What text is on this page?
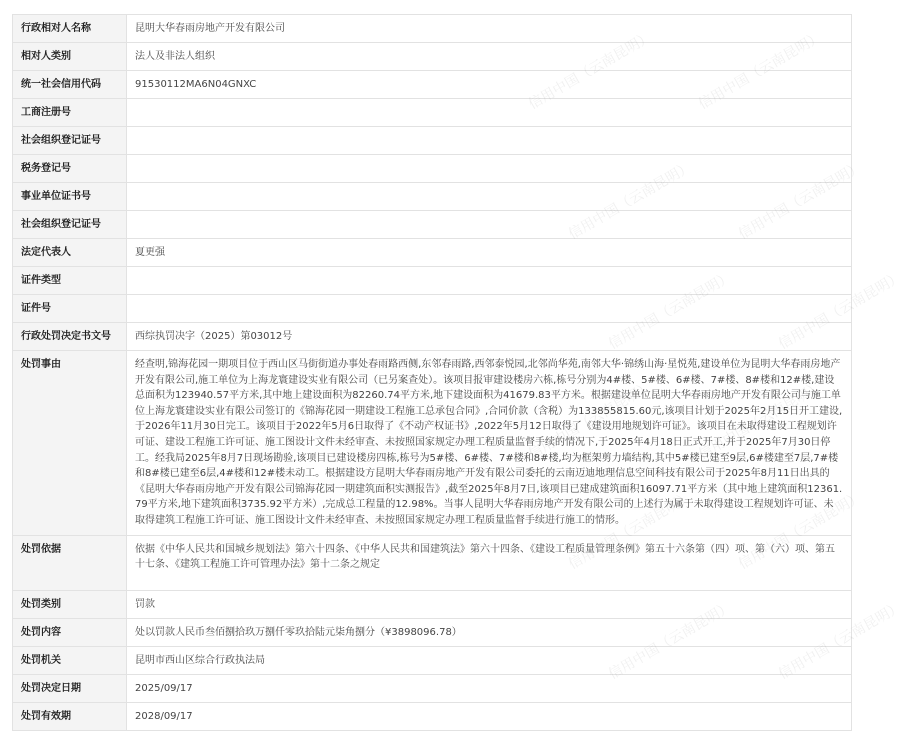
行政相对人名称	昆明大华春雨房地产开发有限公司
相对人类别	法人及非法人组织
统一社会信用代码	91530112MA6N04GNXC
工商注册号	
社会组织登记证号	
税务登记号	
事业单位证书号	
社会组织登记证号	
法定代表人	夏更强
证件类型	
证件号	
行政处罚决定书文号	西综执罚决字（2025）第03012号
处罚事由	经查明,锦海花园一期项目位于西山区马街街道办事处春雨路西侧,东邻春雨路,西邻泰悦园,北邻尚华苑,南邻大华·锦绣山海·星悦苑,建设单位为昆明大华春雨房地产开发有限公司,施工单位为上海龙寰建设实业有限公司（已另案查处）。该项目报审建设楼房六栋,栋号分别为4#楼、5#楼、6#楼、7#楼、8#楼和12#楼,建设总面积为123940.57平方米,其中地上建设面积为82260.74平方米,地下建设面积为41679.83平方米。根据建设单位昆明大华春雨房地产开发有限公司与施工单位上海龙寰建设实业有限公司签订的《锦海花园一期建设工程施工总承包合同》,合同价款（含税）为133855815.60元,该项目计划于2025年2月15日开工建设,于2026年11月30日完工。该项目于2022年5月6日取得了《不动产权证书》,2022年5月12日取得了《建设用地规划许可证》。该项目在未取得建设工程规划许可证、建设工程施工许可证、施工图设计文件未经审查、未按照国家规定办理工程质量监督手续的情况下,于2025年4月18日正式开工,并于2025年7月30日停工。经我局2025年8月7日现场勘验,该项目已建设楼房四栋,栋号为5#楼、6#楼、7#楼和8#楼,均为框架剪力墙结构,其中5#楼已建至9层,6#楼建至7层,7#楼和8#楼已建至6层,4#楼和12#楼未动工。根据建设方昆明大华春雨房地产开发有限公司委托的云南迈迪地理信息空间科技有限公司于2025年8月11日出具的《昆明大华春雨房地产开发有限公司锦海花园一期建筑面积实测报告》,截至2025年8月7日,该项目已建成建筑面积16097.71平方米（其中地上建筑面积12361.79平方米,地下建筑面积3735.92平方米）,完成总工程量的12.98%。当事人昆明大华春雨房地产开发有限公司的上述行为属于未取得建设工程规划许可证、未取得建筑工程施工许可证、施工图设计文件未经审查、未按照国家规定办理工程质量监督手续进行施工的情形。
处罚依据	依据《中华人民共和国城乡规划法》第六十四条、《中华人民共和国建筑法》第六十四条、《建设工程质量管理条例》第五十六条第（四）项、第（六）项、第五十七条、《建筑工程施工许可管理办法》第十二条之规定
处罚类别	罚款
处罚内容	处以罚款人民币叁佰捌拾玖万捌仟零玖拾陆元柒角捌分（¥3898096.78）
处罚机关	昆明市西山区综合行政执法局
处罚决定日期	2025/09/17
处罚有效期	2028/09/17
信用中国（云南昆明）	信用中国（云南昆明）
信用中国（云南昆明）	信用中国（云南昆明）
信用中国（云南昆明）	信用中国（云南昆明）
信用中国（云南昆明）	信用中国（云南昆明）
信用中国（云南昆明）	信用中国（云南昆明）
信用中国（云南昆明）	信用中国（云南昆明）
